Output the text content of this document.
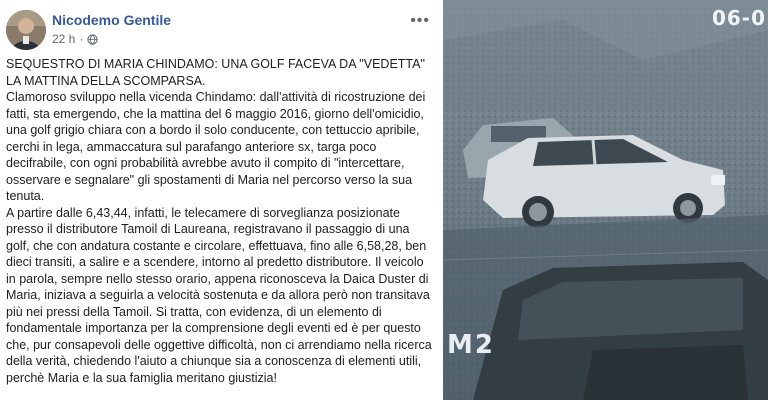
Nicodemo Gentile
22 h ·
•••

SEQUESTRO DI MARIA CHINDAMO: UNA GOLF FACEVA DA "VEDETTA" LA MATTINA DELLA SCOMPARSA.

Clamoroso sviluppo nella vicenda Chindamo: dall'attività di ricostruzione dei fatti, sta emergendo, che la mattina del 6 maggio 2016, giorno dell'omicidio, una golf grigio chiara con a bordo il solo conducente, con tettuccio apribile, cerchi in lega, ammaccatura sul parafango anteriore sx, targa poco decifrabile, con ogni probabilità avrebbe avuto il compito di "intercettare, osservare e segnalare" gli spostamenti di Maria nel percorso verso la sua tenuta.

A partire dalle 6,43,44, infatti, le telecamere di sorveglianza posizionate presso il distributore Tamoil di Laureana, registravano il passaggio di una golf, che con andatura costante e circolare, effettuava, fino alle 6,58,28, ben dieci transiti, a salire e a scendere, intorno al predetto distributore. Il veicolo in parola, sempre nello stesso orario, appena riconosceva la Daica Duster di Maria, iniziava a seguirla a velocità sostenuta e da allora però non transitava più nei pressi della Tamoil. Si tratta, con evidenza, di un elemento di fondamentale importanza per la comprensione degli eventi ed è per questo che, pur consapevoli delle oggettive difficoltà, non ci arrendiamo nella ricerca della verità, chiedendo l'aiuto a chiunque sia a conoscenza di elementi utili, perchè Maria e la sua famiglia meritano giustizia!

06-0
M2
